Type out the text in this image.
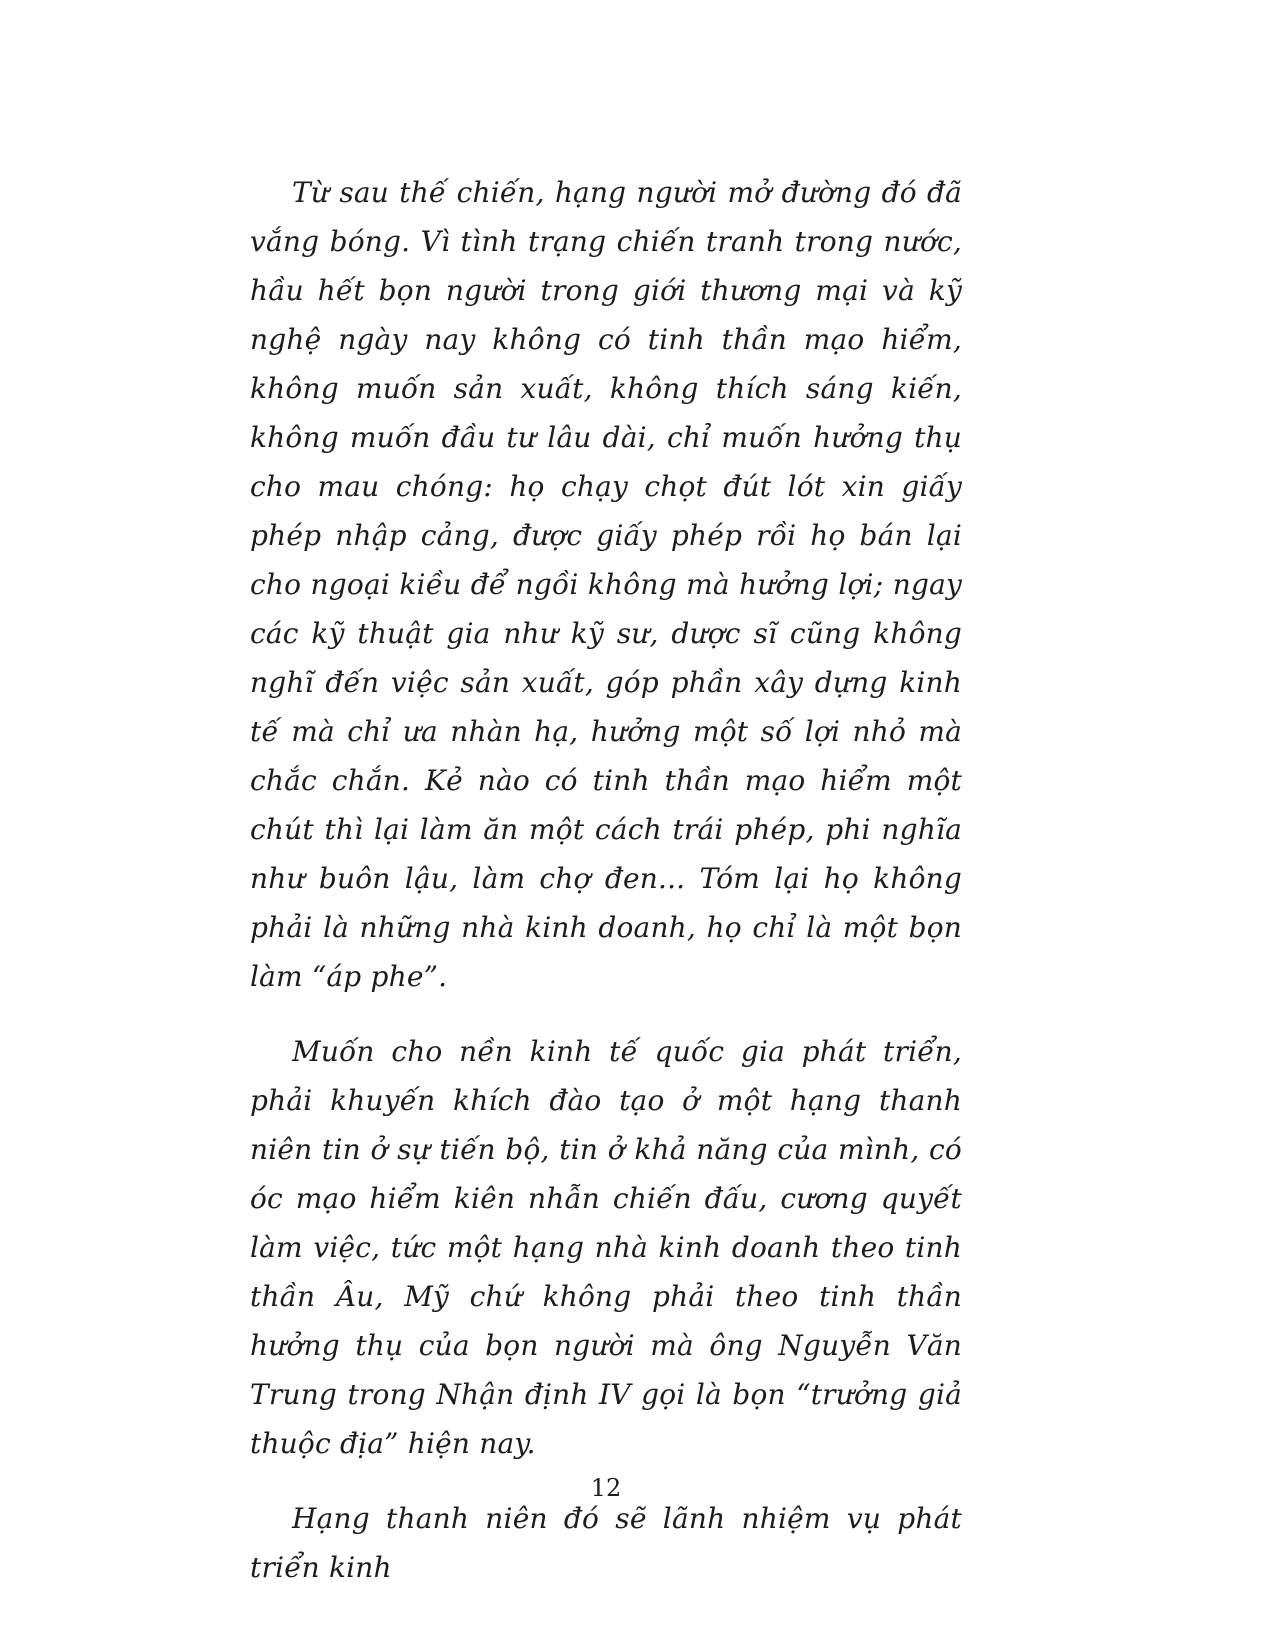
Từ sau thế chiến, hạng người mở đường đó đã vắng bóng. Vì tình trạng chiến tranh trong nước, hầu hết bọn người trong giới thương mại và kỹ nghệ ngày nay không có tinh thần mạo hiểm, không muốn sản xuất, không thích sáng kiến, không muốn đầu tư lâu dài, chỉ muốn hưởng thụ cho mau chóng: họ chạy chọt đút lót xin giấy phép nhập cảng, được giấy phép rồi họ bán lại cho ngoại kiều để ngồi không mà hưởng lợi; ngay các kỹ thuật gia như kỹ sư, dược sĩ cũng không nghĩ đến việc sản xuất, góp phần xây dựng kinh tế mà chỉ ưa nhàn hạ, hưởng một số lợi nhỏ mà chắc chắn. Kẻ nào có tinh thần mạo hiểm một chút thì lại làm ăn một cách trái phép, phi nghĩa như buôn lậu, làm chợ đen... Tóm lại họ không phải là những nhà kinh doanh, họ chỉ là một bọn làm “áp phe”.

Muốn cho nền kinh tế quốc gia phát triển, phải khuyến khích đào tạo ở một hạng thanh niên tin ở sự tiến bộ, tin ở khả năng của mình, có óc mạo hiểm kiên nhẫn chiến đấu, cương quyết làm việc, tức một hạng nhà kinh doanh theo tinh thần Âu, Mỹ chứ không phải theo tinh thần hưởng thụ của bọn người mà ông Nguyễn Văn Trung trong Nhận định IV gọi là bọn “trưởng giả thuộc địa” hiện nay.

Hạng thanh niên đó sẽ lãnh nhiệm vụ phát triển kinh

12
